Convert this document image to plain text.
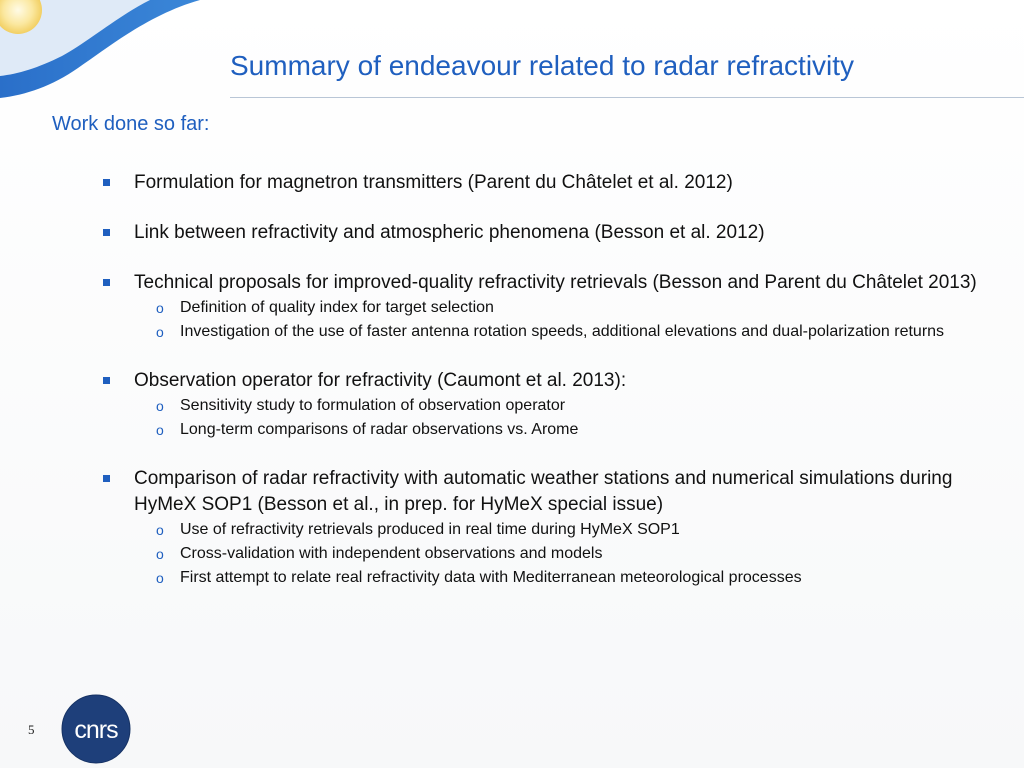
Summary of endeavour related to radar refractivity
Work done so far:
Formulation for magnetron transmitters (Parent du Châtelet et al. 2012)
Link between refractivity and atmospheric phenomena (Besson et al. 2012)
Technical proposals for improved-quality refractivity retrievals (Besson and Parent du Châtelet 2013)
o Definition of quality index for target selection
o Investigation of the use of faster antenna rotation speeds, additional elevations and dual-polarization returns
Observation operator for refractivity (Caumont et al. 2013):
o Sensitivity study to formulation of observation operator
o Long-term comparisons of radar observations vs. Arome
Comparison of radar refractivity with automatic weather stations and numerical simulations during HyMeX SOP1 (Besson et al., in prep. for HyMeX special issue)
o Use of refractivity retrievals produced in real time during HyMeX SOP1
o Cross-validation with independent observations and models
o First attempt to relate real refractivity data with Mediterranean meteorological processes
5 cnrs
